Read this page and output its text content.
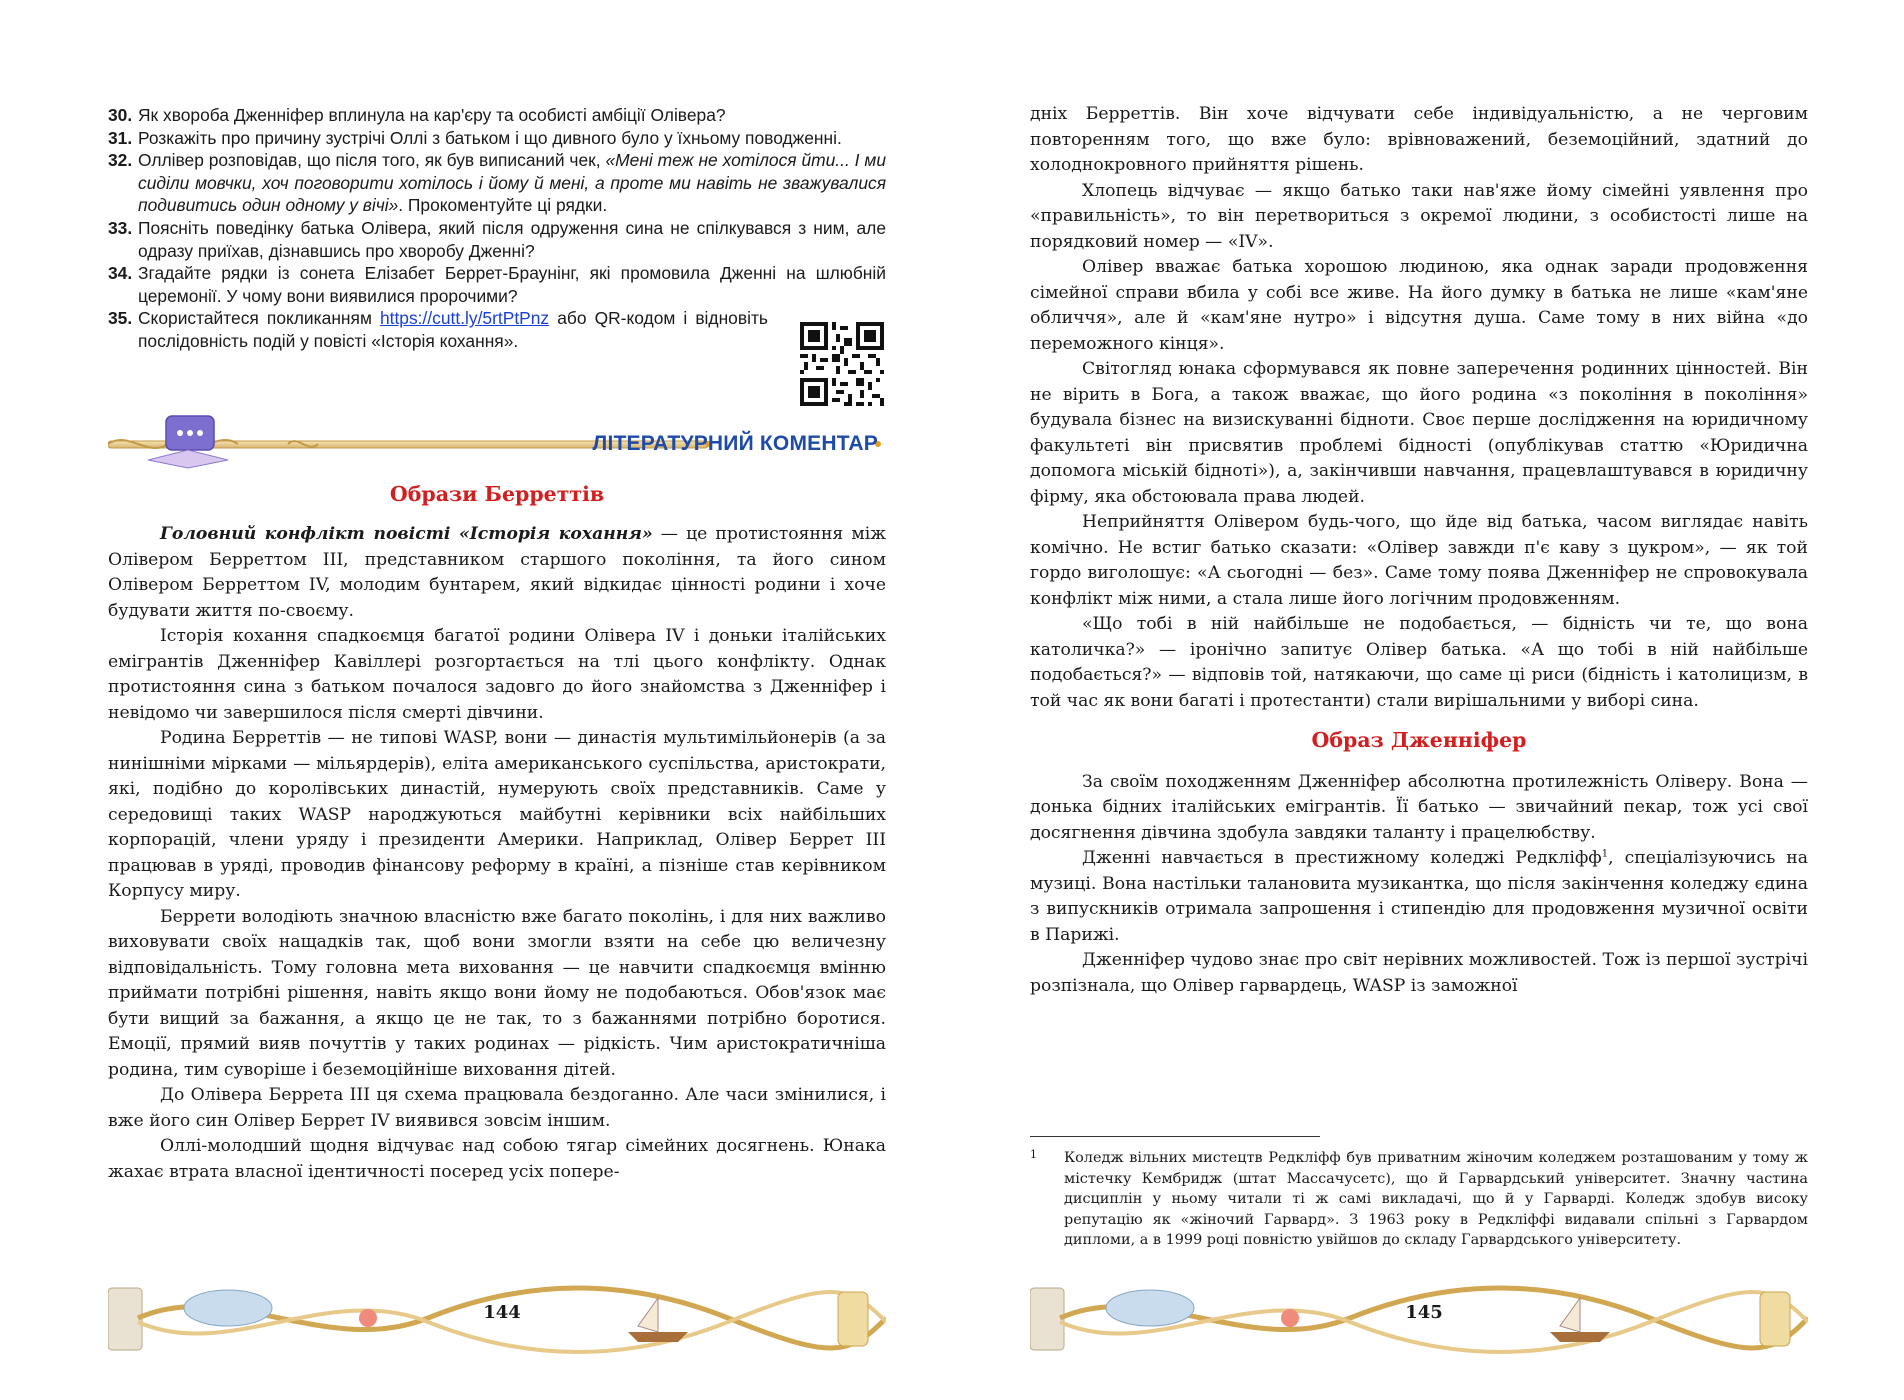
30. Як хвороба Дженніфер вплинула на кар'єру та особисті амбіції Олівера?
31. Розкажіть про причину зустрічі Оллі з батьком і що дивного було у їхньому поводженні.
32. Оллівер розповідав, що після того, як був виписаний чек, «Мені теж не хотілося йти... І ми сиділи мовчки, хоч поговорити хотілось і йому й мені, а проте ми навіть не зважувалися подивитись один одному у вічі». Прокоментуйте ці рядки.
33. Поясніть поведінку батька Олівера, який після одруження сина не спілкувався з ним, але одразу приїхав, дізнавшись про хворобу Дженні?
34. Згадайте рядки із сонета Елізабет Беррет-Браунінг, які промовила Дженні на шлюбній церемонії. У чому вони виявилися пророчими?
35. Скористайтеся покликанням https://cutt.ly/5rtPtPnz або QR-кодом і відновіть послідовність подій у повісті «Історія кохання».
ЛІТЕРАТУРНИЙ КОМЕНТАР
Образи Берреттів

Головний конфлікт повісті «Історія кохання» — це протистояння між Олівером Берреттом ІІІ, представником старшого покоління, та його сином Олівером Берреттом ІV, молодим бунтарем, який відкидає цінності родини і хоче будувати життя по-своєму.

Історія кохання спадкоємця багатої родини Олівера ІV і доньки італійських емігрантів Дженніфер Кавіллері розгортається на тлі цього конфлікту. Однак протистояння сина з батьком почалося задовго до його знайомства з Дженніфер і невідомо чи завершилося після смерті дівчини.

Родина Берреттів — не типові WASP, вони — династія мультимільйонерів (а за нинішніми мірками — мільярдерів), еліта американського суспільства, аристократи, які, подібно до королівських династій, нумерують своїх представників. Саме у середовищі таких WASP народжуються майбутні керівники всіх найбільших корпорацій, члени уряду і президенти Америки. Наприклад, Олівер Беррет ІІІ працював в уряді, проводив фінансову реформу в країні, а пізніше став керівником Корпусу миру.

Беррети володіють значною власністю вже багато поколінь, і для них важливо виховувати своїх нащадків так, щоб вони змогли взяти на себе цю величезну відповідальність. Тому головна мета виховання — це навчити спадкоємця вмінню приймати потрібні рішення, навіть якщо вони йому не подобаються. Обов'язок має бути вищий за бажання, а якщо це не так, то з бажаннями потрібно боротися. Емоції, прямий вияв почуттів у таких родинах — рідкість. Чим аристократичніша родина, тим суворіше і беземоційніше виховання дітей.

До Олівера Беррета ІІІ ця схема працювала бездоганно. Але часи змінилися, і вже його син Олівер Беррет ІV виявився зовсім іншим.

Оллі-молодший щодня відчуває над собою тягар сімейних досягнень. Юнака жахає втрата власної ідентичності посеред усіх попере-

144

дніх Берреттів. Він хоче відчувати себе індивідуальністю, а не черговим повторенням того, що вже було: врівноважений, беземоційний, здатний до холоднокровного прийняття рішень.

Хлопець відчуває — якщо батько таки нав'яже йому сімейні уявлення про «правильність», то він перетвориться з окремої людини, з особистості лише на порядковий номер — «ІV».

Олівер вважає батька хорошою людиною, яка однак заради продовження сімейної справи вбила у собі все живе. На його думку в батька не лише «кам'яне обличчя», але й «кам'яне нутро» і відсутня душа. Саме тому в них війна «до переможного кінця».

Світогляд юнака сформувався як повне заперечення родинних цінностей. Він не вірить в Бога, а також вважає, що його родина «з покоління в покоління» будувала бізнес на визискуванні бідноти. Своє перше дослідження на юридичному факультеті він присвятив проблемі бідності (опублікував статтю «Юридична допомога міській бідноті»), а, закінчивши навчання, працевлаштувався в юридичну фірму, яка обстоювала права людей.

Неприйняття Олівером будь-чого, що йде від батька, часом виглядає навіть комічно. Не встиг батько сказати: «Олівер завжди п'є каву з цукром», — як той гордо виголошує: «А сьогодні — без». Саме тому поява Дженніфер не спровокувала конфлікт між ними, а стала лише його логічним продовженням.

«Що тобі в ній найбільше не подобається, — бідність чи те, що вона католичка?» — іронічно запитує Олівер батька. «А що тобі в ній найбільше подобається?» — відповів той, натякаючи, що саме ці риси (бідність і католицизм, в той час як вони багаті і протестанти) стали вирішальними у виборі сина.

Образ Дженніфер

За своїм походженням Дженніфер абсолютна протилежність Оліверу. Вона — донька бідних італійських емігрантів. Її батько — звичайний пекар, тож усі свої досягнення дівчина здобула завдяки таланту і працелюбству.

Дженні навчається в престижному коледжі Редкліфф$^1$, спеціалізуючись на музиці. Вона настільки талановита музикантка, що після закінчення коледжу єдина з випускників отримала запрошення і стипендію для продовження музичної освіти в Парижі.

Дженніфер чудово знає про світ нерівних можливостей. Тож із першої зустрічі розпізнала, що Олівер гарвардець, WASP із заможної

1	Коледж вільних мистецтв Редкліфф був приватним жіночим коледжем розташованим у тому ж містечку Кембридж (штат Массачусетс), що й Гарвардський університет. Значну частина дисциплін у ньому читали ті ж самі викладачі, що й у Гарварді. Коледж здобув високу репутацію як «жіночий Гарвард». З 1963 року в Редкліффі видавали спільні з Гарвардом дипломи, а в 1999 році повністю увійшов до складу Гарвардського університету.
145
